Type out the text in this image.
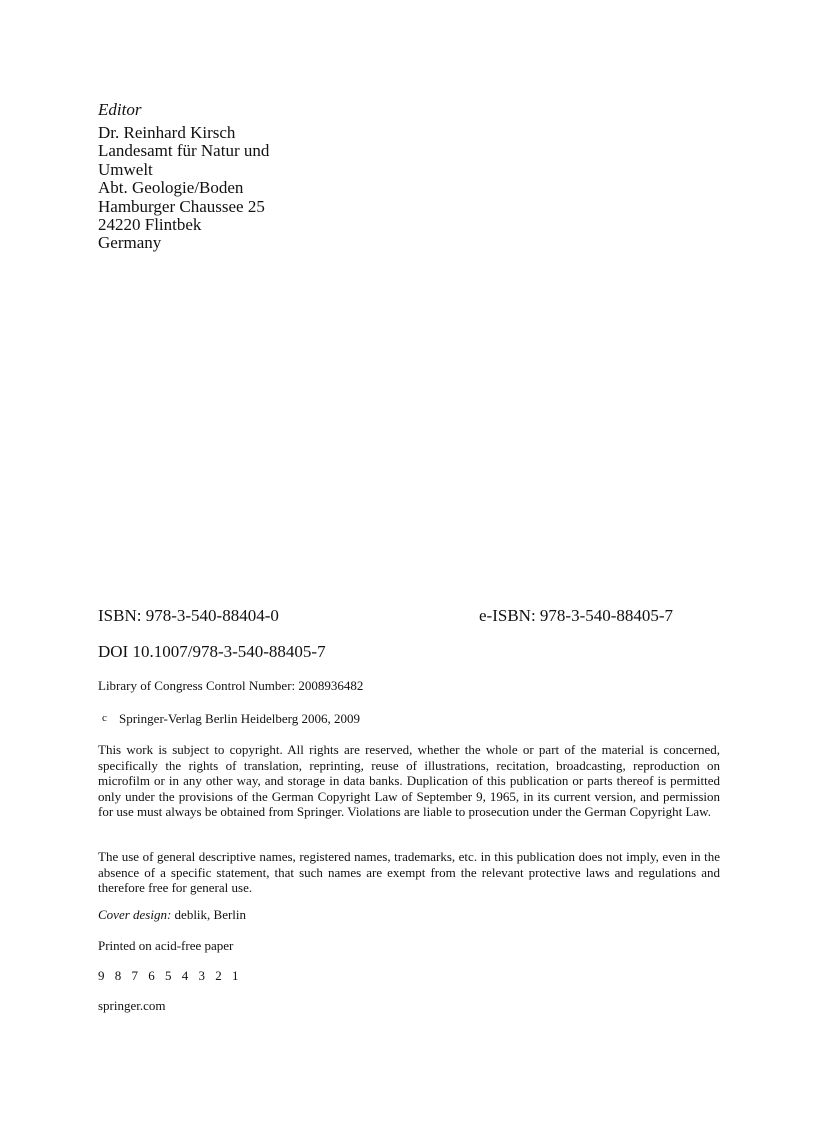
Editor

Dr. Reinhard Kirsch

Landesamt für Natur und

Umwelt

Abt. Geologie/Boden

Hamburger Chaussee 25

24220 Flintbek

Germany

ISBN: 978-3-540-88404-0	e-ISBN: 978-3-540-88405-7
DOI 10.1007/978-3-540-88405-7
Library of Congress Control Number: 2008936482
c Springer-Verlag Berlin Heidelberg 2006, 2009

This work is subject to copyright. All rights are reserved, whether the whole or part of the material is concerned, specifically the rights of translation, reprinting, reuse of illustrations, recitation, broadcasting, reproduction on microfilm or in any other way, and storage in data banks. Duplication of this publication or parts thereof is permitted only under the provisions of the German Copyright Law of September 9, 1965, in its current version, and permission for use must always be obtained from Springer. Violations are liable to prosecution under the German Copyright Law.

The use of general descriptive names, registered names, trademarks, etc. in this publication does not imply, even in the absence of a specific statement, that such names are exempt from the relevant protective laws and regulations and therefore free for general use.

Cover design: deblik, Berlin
Printed on acid-free paper
9 8 7 6 5 4 3 2 1
springer.com
